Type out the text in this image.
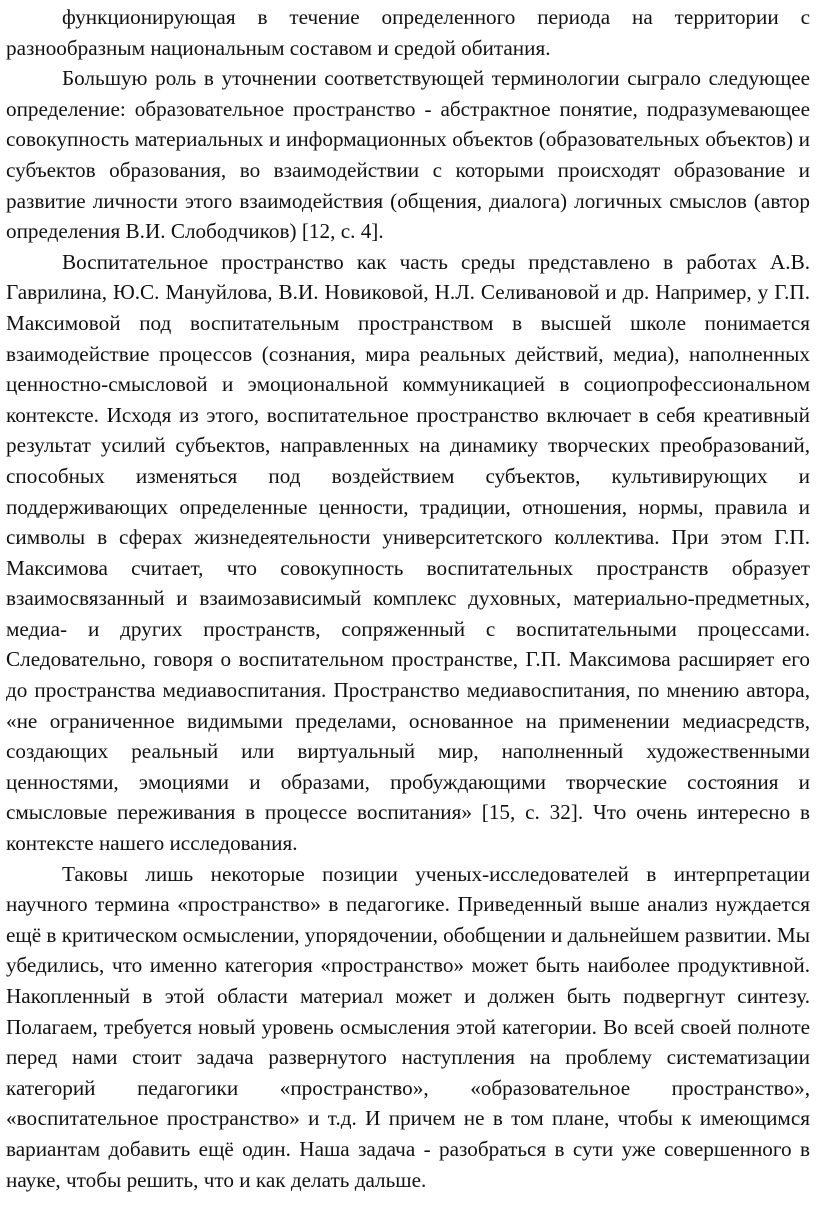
функционирующая в течение определенного периода на территории с разнообразным национальным составом и средой обитания.

Большую роль в уточнении соответствующей терминологии сыграло следующее определение: образовательное пространство - абстрактное понятие, подразумевающее совокупность материальных и информационных объектов (образовательных объектов) и субъектов образования, во взаимодействии с которыми происходят образование и развитие личности этого взаимодействия (общения, диалога) логичных смыслов (автор определения В.И. Слободчиков) [12, с. 4].

Воспитательное пространство как часть среды представлено в работах А.В. Гаврилина, Ю.С. Мануйлова, В.И. Новиковой, Н.Л. Селивановой и др. Например, у Г.П. Максимовой под воспитательным пространством в высшей школе понимается взаимодействие процессов (сознания, мира реальных действий, медиа), наполненных ценностно-смысловой и эмоциональной коммуникацией в социопрофессиональном контексте. Исходя из этого, воспитательное пространство включает в себя креативный результат усилий субъектов, направленных на динамику творческих преобразований, способных изменяться под воздействием субъектов, культивирующих и поддерживающих определенные ценности, традиции, отношения, нормы, правила и символы в сферах жизнедеятельности университетского коллектива. При этом Г.П. Максимова считает, что совокупность воспитательных пространств образует взаимосвязанный и взаимозависимый комплекс духовных, материально-предметных, медиа- и других пространств, сопряженный с воспитательными процессами. Следовательно, говоря о воспитательном пространстве, Г.П. Максимова расширяет его до пространства медиавоспитания. Пространство медиавоспитания, по мнению автора, «не ограниченное видимыми пределами, основанное на применении медиасредств, создающих реальный или виртуальный мир, наполненный художественными ценностями, эмоциями и образами, пробуждающими творческие состояния и смысловые переживания в процессе воспитания» [15, с. 32]. Что очень интересно в контексте нашего исследования.

Таковы лишь некоторые позиции ученых-исследователей в интерпретации научного термина «пространство» в педагогике. Приведенный выше анализ нуждается ещё в критическом осмыслении, упорядочении, обобщении и дальнейшем развитии. Мы убедились, что именно категория «пространство» может быть наиболее продуктивной. Накопленный в этой области материал может и должен быть подвергнут синтезу. Полагаем, требуется новый уровень осмысления этой категории. Во всей своей полноте перед нами стоит задача развернутого наступления на проблему систематизации категорий педагогики «пространство», «образовательное пространство», «воспитательное пространство» и т.д. И причем не в том плане, чтобы к имеющимся вариантам добавить ещё один. Наша задача - разобраться в сути уже совершенного в науке, чтобы решить, что и как делать дальше.
